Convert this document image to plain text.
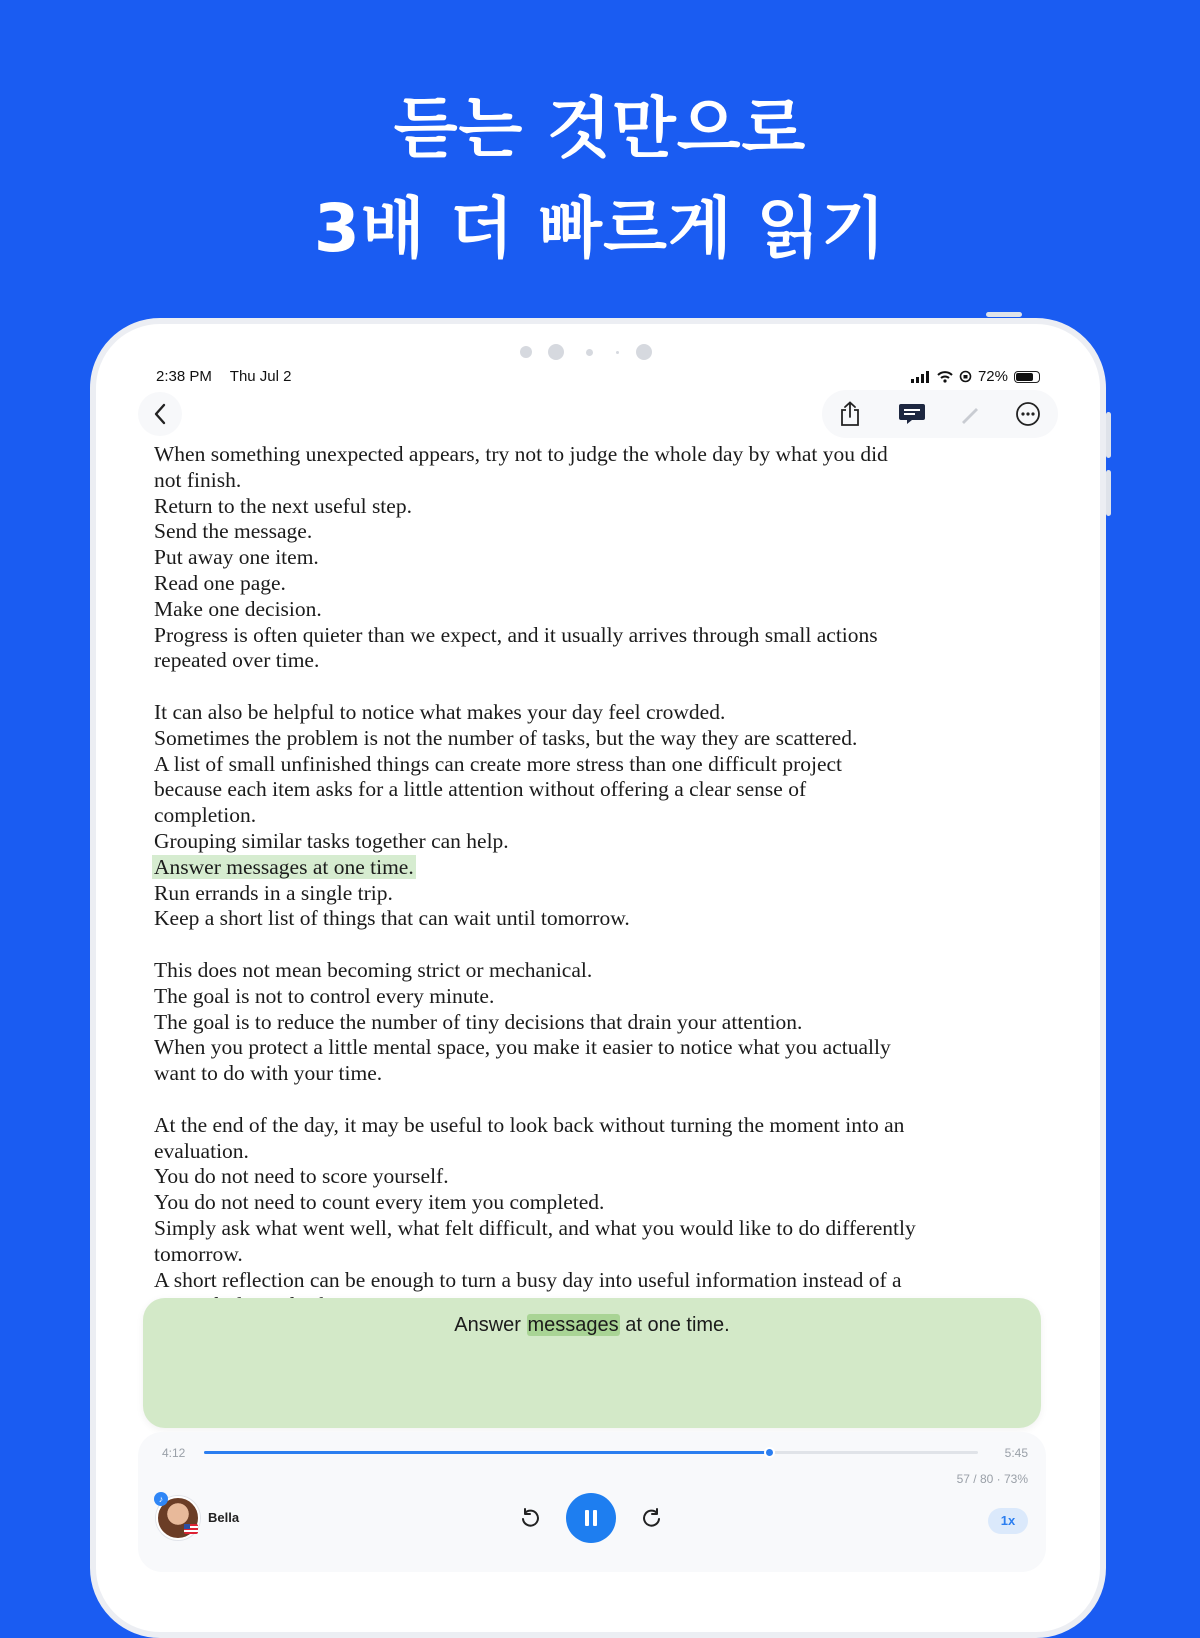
듣는 것만으로
3배 더 빠르게 읽기
2:38 PM Thu Jul 2	72%
When something unexpected appears, try not to judge the whole day by what you did
not finish.
Return to the next useful step.
Send the message.
Put away one item.
Read one page.
Make one decision.
Progress is often quieter than we expect, and it usually arrives through small actions
repeated over time.
It can also be helpful to notice what makes your day feel crowded.
Sometimes the problem is not the number of tasks, but the way they are scattered.
A list of small unfinished things can create more stress than one difficult project
because each item asks for a little attention without offering a clear sense of
completion.
Grouping similar tasks together can help.
Answer messages at one time.
Run errands in a single trip.
Keep a short list of things that can wait until tomorrow.
This does not mean becoming strict or mechanical.
The goal is not to control every minute.
The goal is to reduce the number of tiny decisions that drain your attention.
When you protect a little mental space, you make it easier to notice what you actually
want to do with your time.
At the end of the day, it may be useful to look back without turning the moment into an
evaluation.
You do not need to score yourself.
You do not need to count every item you completed.
Simply ask what went well, what felt difficult, and what you would like to do differently
tomorrow.
A short reflection can be enough to turn a busy day into useful information instead of a
Answer messages at one time.
4:12	5:45
57 / 80 · 73%
♪
Bella	1x
